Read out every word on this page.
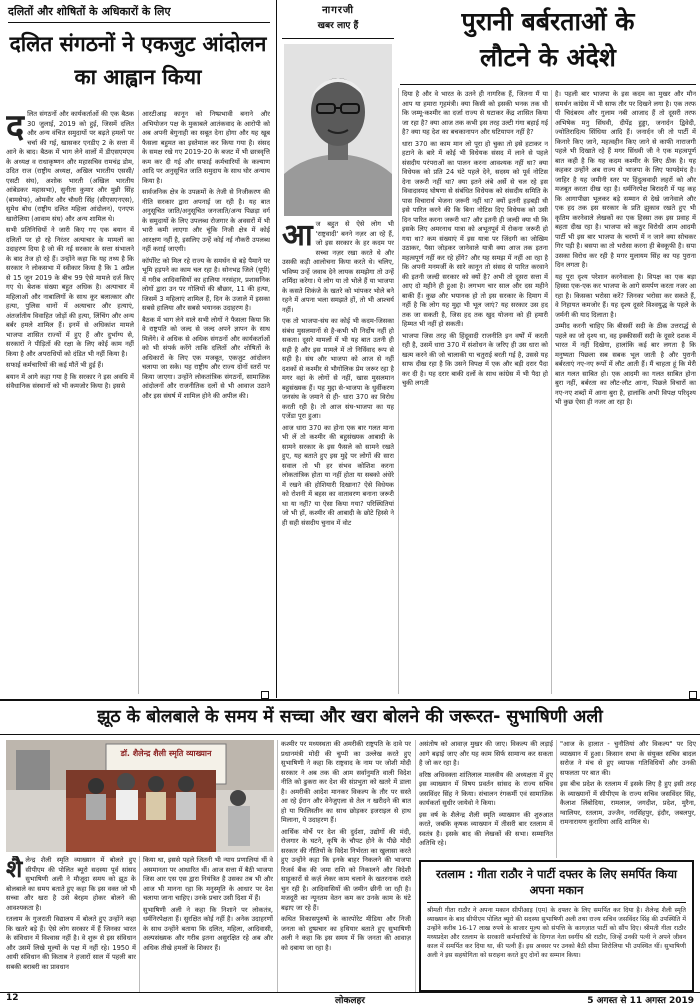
दलितों और शोषितों के अधिकारों के लिए
दलित संगठनों ने एकजुट आंदोलन का आह्वान किया
द लित संगठनों और कार्यकर्ताओं की एक बैठक 30 जुलाई, 2019 को हुई, जिसमें दलित और अन्य वंचित समुदायों पर बढ़ते हमलों पर चर्चा की गई, खासकर एनडीए 2 के सत्ता में आने के बाद। बैठक में भाग लेने वालों में डीएसएमएम के अध्यक्ष व राधाकृष्णन और महासचिव रामचंद्र डोम, उदित राज (राष्ट्रीय अध्यक्ष, अखिल भारतीय एससी/एसटी संघ), अशोक भारती (अखिल भारतीय आंबेडकर महासभा), सुनीता कुमार और मुन्नी सिंह (बामसेफ), ओमवीर और चौधरी सिंह (सीएसएनएस), सुमेध बोध (राष्ट्रीय दलित महिला आंदोलन), एनएफ खारोलिया (आवाम संघ) और अन्य शामिल थे।

सभी प्रतिनिधियों ने जारी किए गए एक बयान में दलितों पर हो रहे निरंतर अत्याचार के मामलों का उदाहरण दिया है जो की नई सरकार के सत्ता संभालने के बाद तेज हो रहे हैं। उन्होंने कहा कि यह तथ्य है कि सरकार ने लोकसभा में स्वीकार किया है कि 1 अप्रैल से 15 जून 2019 के बीच 99 ऐसे मामले दर्ज किए गए थे। बेशक संख्या बहुत अधिक है। अत्याचार में महिलाओं और नाबालिगों के साथ कूर बलात्कार और हत्या, पुलिस थानों में अत्याचार और हत्याएं, अंतर्जातीय विवाहित जोड़ों की हत्या, लिंचिंग और अन्य बर्बर हमले शामिल हैं। इनमें से अधिकांश मामले भाजपा शासित राज्यों में हुए हैं और दुर्भाग्य से, सरकारों ने पीड़ितों की रक्षा के लिए कोई काम नहीं किया है और अपराधियों को दंडित भी नहीं किया है।

सफाई कर्मचारियों की कई मौतें भी हुई हैं।

बयान में आगे कहा गया है कि सरकार ने इस अवधि में संवैधानिक संस्थानों को भी कमजोर किया है। इससे

आरटीआइ कानून को निष्प्रभावी बनाने और अभियोजन पक्ष के मुकाबले आतंकवाद के आरोपी को अब अपनी बेगुनाही का सबूत देना होगा और यह खूब फैसला बहुमत का इस्तेमाल कर किया गया है। संसद के समक्ष रखे गए 2019-20 के बजट में भी छात्रवृत्ति कम कर दी गई और सफाई कर्मचारियों के कल्याण आदि पर अनुसूचित जाति समुदाय के साथ घोर अन्याय किया है।

सार्वजनिक क्षेत्र के उपक्रमों के तेजी से निजीकरण की नीति सरकार द्वारा अपनाई जा रही है। यह बात अनुसूचित जाति/अनुसूचित जनजाति/अन्य पिछड़ा वर्ग के समुदायों के लिए उपलब्ध रोजगार के अवसरों में भी भारी कमी लाएगा और चूंकि निजी क्षेत्र में कोई आरक्षण नहीं है, इसलिए उन्हें कोई नई नौकरी उपलब्ध नहीं कराई जाएगी।

कॉर्पोरेट को मिल रहे राज्य के समर्थन से बड़े पैमाने पर भूमि हड़पने का काम चल रहा है। सोनभद्र जिले (यूपी) में गरीब आदिवासियों का हालिया नरसंहार, प्रशासनिक लोगों द्वारा उन पर गोलियों की बौछार, 11 की हत्या, जिसमें 3 महिलाएं शामिल हैं, दिन के उजाले में इसका सबसे हालिया और सबसे भयानक उदाहरण है।

बैठक में भाग लेने वाले सभी लोगों ने फैसला किया कि वे राष्ट्रपति को जल्द से जल्द अपने ज्ञापन के साथ मिलेंगे। वे अधिक से अधिक संगठनों और कार्यकर्ताओं को भी संपर्क करेंगे ताकि दलितों और शोषितों के अधिकारों के लिए एक मजबूत, एकजुट आंदोलन चलाया जा सके। यह राष्ट्रीय और राज्य दोनों स्तरों पर किया जाएगा। उन्होंने लोकतांत्रिक संगठनों, सामाजिक आंदोलनों और राजनीतिक दलों से भी आवाज उठाने और इस संघर्ष में शामिल होने की अपील की।

नागरजी
खबर लाए हैं
आ ज बहुत से ऐसे लोग भी 'राष्ट्रवादी' बनने नज़र आ रहे हैं, जो इस सरकार के हर कदम पर सच्चा नज़र रखा करते थे और उसकी कड़ी आलोचना किया करते थे। चलिए, भविष्य उन्हें जवाब देने लायक समझेगा तो उन्हें शर्मिंदा करेगा। ये लोग या तो भोले हैं या भाजपा के कसते शिकंजे के खतरे को भांपकर भोले बने रहने में अपना भला समझते हों, तो भी आश्चर्य नहीं।

एक तो भाजपा-संघ का कोई भी कदम-जिसका संबंध मुसलमानों से है-कभी भी निर्दोष नहीं हो सकता। दूसरे मामलों में भी यह बात उतनी ही सही है और इस मामले में तो निर्विवाद रूप से सही है। संघ और भाजपा को आज से नहीं दशकों से कश्मीर से भौगोलिक प्रेम जरूर रहा है मगर वहां के लोगों से नहीं, खास मुसलमान बहुसंख्यक हैं। यह मुद्दा से-भाजपा के धुर्वीकरण जनसंघ के जमाने से ही- धारा 370 का विरोध करती रही है। तो आज संघ-भाजपा का यह एजेंडा पूरा हुआ।

आज धारा 370 का होना एक बार गलत माना भी लें तो कश्मीर की बहुसंख्यक आबादी के सामने सरकार के इस फैसले को सामने रखते हुए, यह बताते हुए इस मुद्दे पर लोगों की सारा सवाल तो भी हर संभव कोशिश करना लोकतांत्रिक होता या नहीं होता या सबको अंधेरे में रखने की होशियारी दिखाना? ऐसे विधेयक को रोशनी में बहस का वातावरण बनाना जरूरी था या नहीं? या ऐसा किया गया? परिस्थितियां जो भी हों, कश्मीर की आबादी के छोटे हिस्से ने ही सही संसदीय चुनाव में वोट

पुरानी बर्बरताओं के
लौटने के अंदेशे

दिया है और वे भारत के उतने ही नागरिक हैं, जितना मैं या आप या हमारा गृहमंत्री। क्या किसी को इसकी भनक तक थी कि जम्मू-कश्मीर का दर्जा राज्य से घटाकर केंद्र शासित किया जा रहा है? क्या आज तक कभी इस तरह उल्टी गंगा बहाई गई है? क्या यह देश का बचकानापन और घटियापन नहीं है?

धारा 370 का काम मान लो पूरा हो चुका तो इसे हटाकर न हटाने के बारे में कोई भी विधेयक संसद में लाने से पहले संसदीय परंपराओं का पालन करना आवश्यक नहीं था? क्या विधेयक को प्रति 24 घंटे पहले देने, सदस्य को पूर्व नोटिस देना जरूरी नहीं था? क्या इतने लंबे अर्से से चल रहे इस विवादास्पद घोषणा से संबंधित विधेयक को संसदीय समिति के पास विचारार्थ भेजना जरूरी नहीं था? क्यों इतनी हड़बड़ी थी इसे पारित करने की कि बिना नोटिस दिए विधेयक को उसी दिन पारित करना जरूरी था? और इतनी ही जल्दी क्या थी कि इसके लिए अमरनाथ यात्रा को अभूतपूर्व में रोकना जरूरी हो गया था? कम संख्याएं में इस यात्रा पर जिंदगी का जोखिम उठाकर, पैसा जोड़कर जानेवाले यात्री क्या आज तक इतना महत्वपूर्ण नहीं कर रहे होंगे? और यह समझ में नहीं आ रहा है कि अपनी मनमर्जी के सारे कानून तो संसद से पारित करवाने की इतनी जल्दी सरकार को क्यों है? अभी तो दूसरा सत्ता में आए दो महीने ही हुआ है। लगभग चार साल और दस महीने बाकी हैं। कुछ और भयानक हो तो इस सरकार के दिमाग में नहीं है कि लोग यह मुद्दा भी भूल जाएं? यह सरकार उस हद तक जा सकती है, जिस हद तक खुद योजना को ही हमारी हिम्मत भी नहीं हो सकती।

भाजपा जिस तरह की हिंदूवादी राजनीति इन वर्षों में करती रही है, उसमें धारा 370 में संशोधन के जरिए ही उस धारा को खत्म करने की जो चालाकी या चतुराई बरती गई है, उससे यह साफ दीख रहा है कि उसने विपक्ष में एक और बड़ी दरार पैदा कर दी है। यह दरार बाकी दलों के साथ कांग्रेस में भी पैदा हो चुकी लगती

है। पहली बार भाजपा के इस कदम का मुखर और मौन समर्थन कांग्रेस में भी साफ तौर पर दिखने लगा है। एक तरफ पी चिदंबरम और गुलाम नबी आजाद हैं तो दूसरी तरफ अभिषेक मनु सिंघवी, दीपेंद्र हुड्डा, जनार्दन द्विवेदी, ज्योतिरादित्य सिंधिया आदि हैं। जनार्दन जी तो पार्टी में किनारे किए जाने, महत्वहीन किए जाने से काफी नाराजगी पहले भी दिखाते रहे हैं मगर सिंधवी जी ने एक महत्वपूर्ण बात कही है कि यह कदम कश्मीर के लिए ठीक है। यह कहकर उन्होंने अब राज्य से भाजपा के लिए फायदेमंद है। जाहिर है यह जमीनी स्तर पर हिंदुत्ववादी लहरों को और मजबूत करता दीख रहा है। धर्मनिरपेक्ष बिरादरी में यह कह कि आगापीछा भूलकर बड़े सम्मान से देखे जानेवाले और एक हद तक इस सरकार के प्रति झुकाव रखते हुए भी कृतिम करनेवाले लेखकों का एक हिस्सा तक इस प्रवाह में बहता दीख रहा है। भाजपा को कठुर विरोधी आम आदमी पार्टी भी इस बार भाजपा के चरणों में न जाने क्या सोचकर गिर पड़ी है। बसपा का तो भरोसा करना ही बेवकूफी है। सपा उसका विरोध कर रही है मगर मुलायम सिंह का यह पुराना दिन लगता है।

यह पूरा दृश्य परेशान करनेवाला है। विपक्ष का एक बड़ा हिस्सा एक-एक कर भाजपा के आगे समर्पण करता नजर आ रहा है। किसका भरोसा करें? जिनका भरोसा कर सकते हैं, वे निहायत कमजोर हैं। यह दृश्य दूसरे विश्वयुद्ध के पहले के जर्मनी की याद दिलाता है।

उम्मीद करनी चाहिए कि बीसवीं सदी के ठीक उत्तरार्द्ध से पहले का जो दृश्य था, वह इक्कीसवीं सदी के दूसरे दशक में भारत में नहीं दिखेगा, हालांकि कई बार लगता है कि मनुष्यता पिछला सब सबक भूल जाती है और पुरानी बर्बरताएं नए-नए रूपों में लौट आती हैं। मैं चाहता हूं कि मेरी बात गलत साबित हो। एक आदमी का गलत साबित होना बुरा नहीं, बर्बरता का लौट-लौट आना, पिछले विचारों का नए-नए शब्दों में आना बुरा है, हालांकि अभी विपक्ष परिदृश्य भी कुछ ऐसा ही नजर आ रहा है।

झूठ के बोलबाले के समय में सच्चा और खरा बोलने की जरूरत- सुभाषिणी अली
डॉ. शैलेन्द्र शैली स्मृति व्याख्यान
शै लेन्द्र शैली स्मृति व्याख्यान में बोलते हुए सीपीएम की पोलित ब्यूरो सदस्या पूर्व सांसद सुभाषिणी अली ने मौजूदा समय को झूठ के बोलबाले का समय बताते हुए कहा कि इस वक्त जो भी सच्चा और खरा है उसे बेरहम होकर बोलने की आवश्यकता है।

रतलाम के गुजराती विद्यालय में बोलते हुए उन्होंने कहा कि खतरे बड़े हैं। ऐसे लोग सरकार में हैं जिनका भारत के संविधान में विश्वास नहीं है। वे शुरू से इस संविधान और उसमें लिखे मूल्यों के पक्ष में नहीं रहे। 1950 में आयी संविधान की किताब ने हजारों साल में पहली बार सबकी बराबरी का प्रावधान

किया था, इससे पहले जितनी भी न्याय प्रणालियां थीं वे असमानता पर आधारित थीं। आज सत्ता में बैठी भाजपा जिस आर एस एस द्वारा नियंत्रित है उसका तब भी और आज भी मानना रहा कि मनुस्मृति के आधार पर देश चलाया जाना चाहिए। उनके प्रचार उसी दिशा में हैं।

सुभाषिणी अली ने कहा कि निशाने पर लोकतंत्र, धर्मनिरपेक्षता हैं। सुरक्षित कोई नहीं है। अनेक उदाहरणों के साथ उन्होंने बताया कि दलित, महिला, आदिवासी, अल्पसंख्यक और गरीब इतना असुरक्षित रहे अब और अधिक तीखे हमलों के शिकार हैं।

कश्मीर पर मध्यस्थता की अमरीकी राष्ट्रपति के दावे पर प्रधानमंत्री मोदी की चुप्पी का उल्लेख करते हुए सुभाषिणी ने कहा कि राष्ट्रवाद के नाम पर जोशी मोदी सरकार ने अब तक की आम सर्वानुमति वाली विदेश नीति को ढुकरा कर देश की संप्रभुता को खतरे में डाला है। अमरीकी आदेश मानकर विकल्प के तौर पर सस्ते आ रहे ईरान और वेनेजुएला से तेल न खरीदने की बात हो या फिलिस्तीन का साथ छोड़कर इजराइल से हाथ मिलाना, ये उदाहरण हैं।

आर्थिक मोर्चे पर देश की दुर्दशा, उद्योगों की मंदी, रोजगार के घटने, कृषि के चौपट होने के पीछे मोदी सरकार की नीतियों के विदेश निर्भरता का खुलासा करते हुए उन्होंने कहा कि इनके बाहर निकलने की भाजपा रिजर्व बैंक की जमा राशि को निकालने और विदेशी साहूकारों से कर्ज़ लेकर काम चलाने के खतरनाक रास्ते चुन रही है। आदिवासियों की जमीन छीनी जा रही है। मजदूरी का न्यूनतम वेतन कम कर उनके काम के घंटे बढ़ाए जा रहे हैं।

कथित विकासपुरुषों के कारपोरेट मीडिया और निजी जनता को दुष्प्रचार का हथियार बताते हुए सुभाषिणी अली ने कहा कि इस समय में कि जनता की आवाज़ को दबाया जा रहा है।

असंतोष को आवाज़ मुखर की जाए। विकल्प की लड़ाई आगे बढ़ाई जाए और यह काम सिर्फ सामान्य कर सकता है जो कर रहा है।

वरिष्ठ अधिवक्ता शांतिलाल मालवीय की अध्यक्षता में हुए इस व्याख्यान में विषय प्रवर्तन सांसद के राज्य सचिव जसविंदर सिंह ने किया। संचालन रंगकर्मी एवं सामाजिक कार्यकर्ता सुधीर जायेवो ने किया।

इस वर्ष के शैलेन्द्र शैली स्मृति व्याख्यान की शुरुआत करते, जबकि कृषक व्याख्यान में तीसरी बार रतलाम में स्वतंत्र है। इसके बाद की लेखकों की सभा। सम्मानित अतिथि रहे।

"आज के हालात - चुनौतियां और विकल्प" पर दिए व्याख्यान में हुआ। किसान सभा के संयुक्त सचिव बादल सरोज ने मंच से हुए व्यापक गतिविधियों और उनकी सफलता पर बात की।

इस बीच प्रदेश के रतलाम में इसके लिए है हुए इसी तरह के व्याख्यानों में सीपीएम के राज्य सचिव जसविंदर सिंह, कैलाश लिंबोदिया, रामलाल, जगदीश, प्रदेश, मुरैना, ग्वालियर, रतलाम, उज्जैन, नरसिंहपुर, इंदौर, जबलपुर, रामनारायण कुरारिया आदि शामिल थे।

रतलाम : गीता राठौर ने पार्टी दफ्तर के लिए समर्पित किया अपना मकान
श्रीमती गीता राठौर ने अपना मकान सीपीआइ (एम) के दफ्तर के लिए समर्पित कर दिया है। शैलेन्द्र शैली स्मृति व्याख्यान के बाद सीपीएम पोलित ब्यूरो की सदस्या सुभाषिणी अली तथा राज्य सचिव जसविंदर सिंह की उपस्थिति में उन्होंने करीब 16-17 लाख रुपये के बाजार मूल्य को संपत्ति के कागज़ात पार्टी को सौंप दिए। श्रीमती गीता राठौर मध्यप्रदेश और रतलाम के सरकारी कर्मचारियों के दिग्गज नेता स्वर्गीय श्री राठौर, जिन्हें उनकी पत्नी ने अपने जीवन काल में समर्पित कर दिया था, की पत्नी हैं। इस अवसर पर उनको बैठी सीमा शिरोलिया भी उपस्थित थीं। सुभाषिणी अली ने इस सहयोगिता को सराहना करते हुए दोनों का सम्मान किया।
12	लोकलहर	5 अगस्त से 11 अगस्त 2019
